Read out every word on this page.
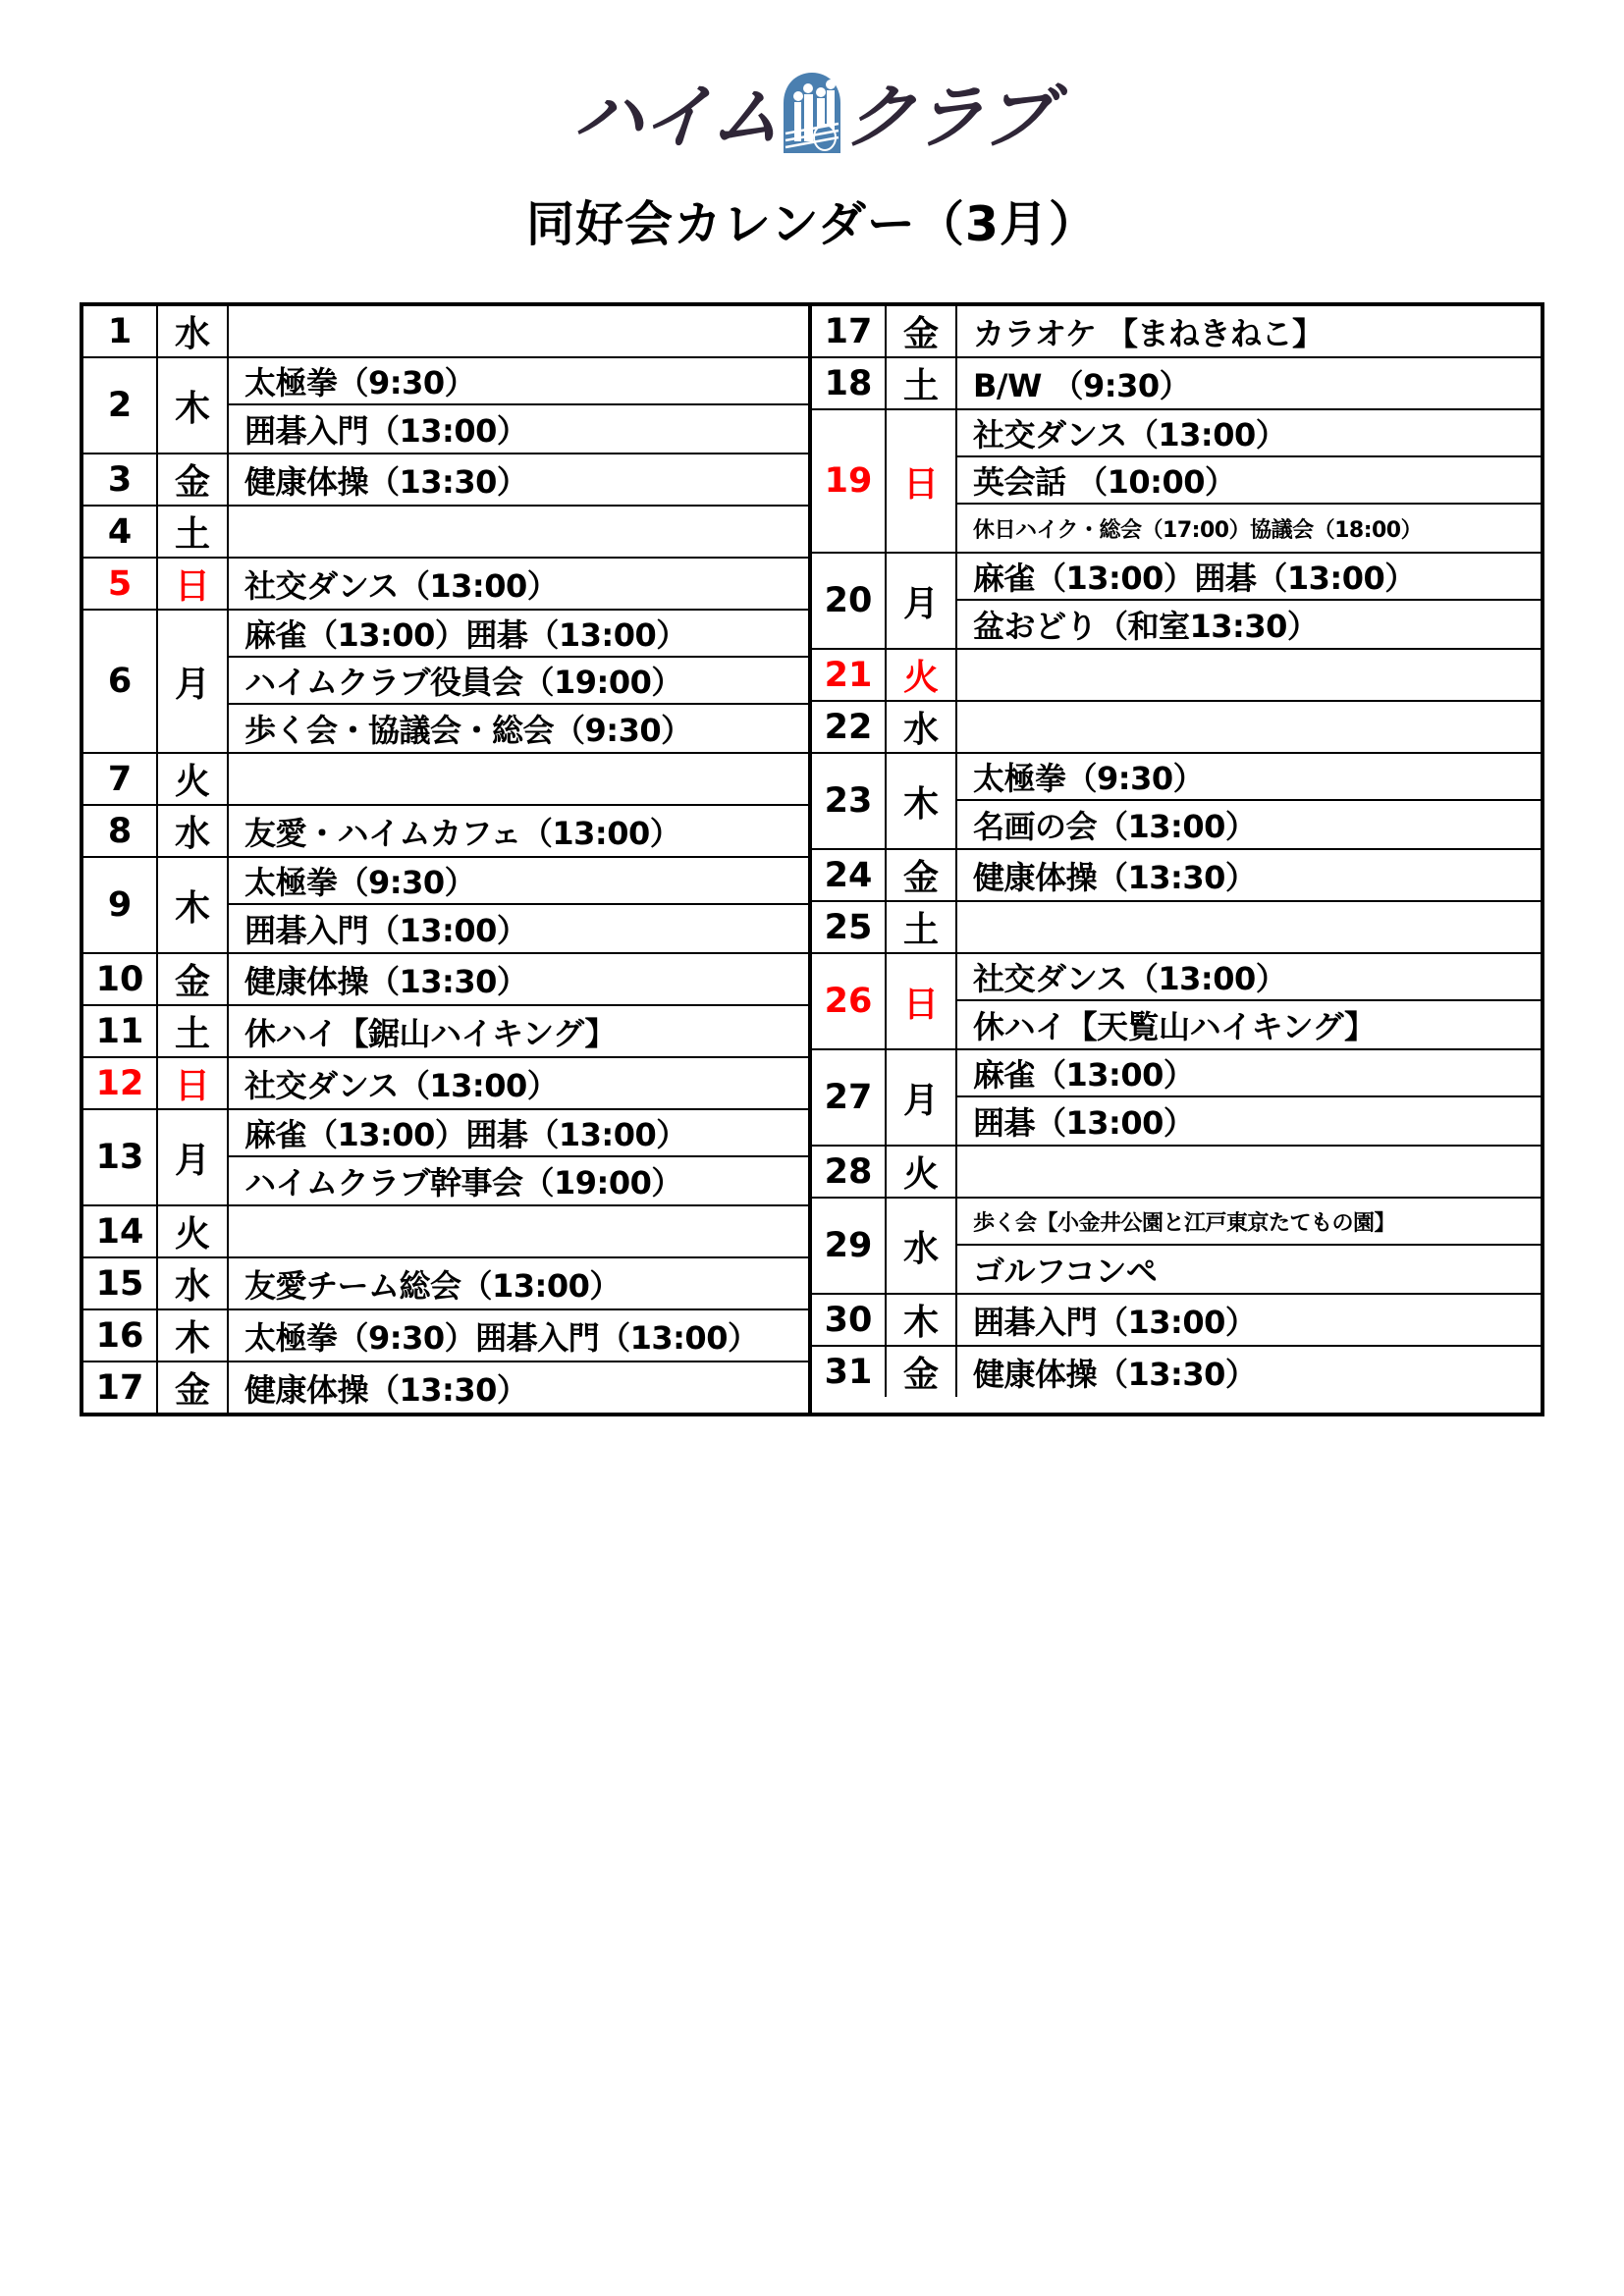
ハイム クラブ
同好会カレンダー（3月）
1	水
2	木
太極拳（9:30）
囲碁入門（13:00）
3	金	健康体操（13:30）
4	土
5	日	社交ダンス（13:00）
6	月
麻雀（13:00）囲碁（13:00）
ハイムクラブ役員会（19:00）
歩く会・協議会・総会（9:30）
7	火
8	水	友愛・ハイムカフェ（13:00）
9	木
太極拳（9:30）
囲碁入門（13:00）
10 金	健康体操（13:30）
11 土	休ハイ【鋸山ハイキング】
12 日	社交ダンス（13:00）
13 月
麻雀（13:00）囲碁（13:00）
ハイムクラブ幹事会（19:00）
14 火
15 水	友愛チーム総会（13:00）
16 木	太極拳（9:30）囲碁入門（13:00）
17 金	健康体操（13:30）
17 金	カラオケ 【まねきねこ】
18 土	B/W （9:30）
19 日
社交ダンス（13:00）
英会話 （10:00）
休日ハイク・総会（17:00）協議会（18:00）
20 月
麻雀（13:00）囲碁（13:00）
盆おどり（和室13:30）
21 火
22 水
23 木
太極拳（9:30）
名画の会（13:00）
24 金	健康体操（13:30）
25 土
26 日
社交ダンス（13:00）
休ハイ【天覧山ハイキング】
27 月
麻雀（13:00）
囲碁（13:00）
28 火
29 水
歩く会【小金井公園と江戸東京たてもの園】
ゴルフコンペ
30 木	囲碁入門（13:00）
31 金	健康体操（13:30）
